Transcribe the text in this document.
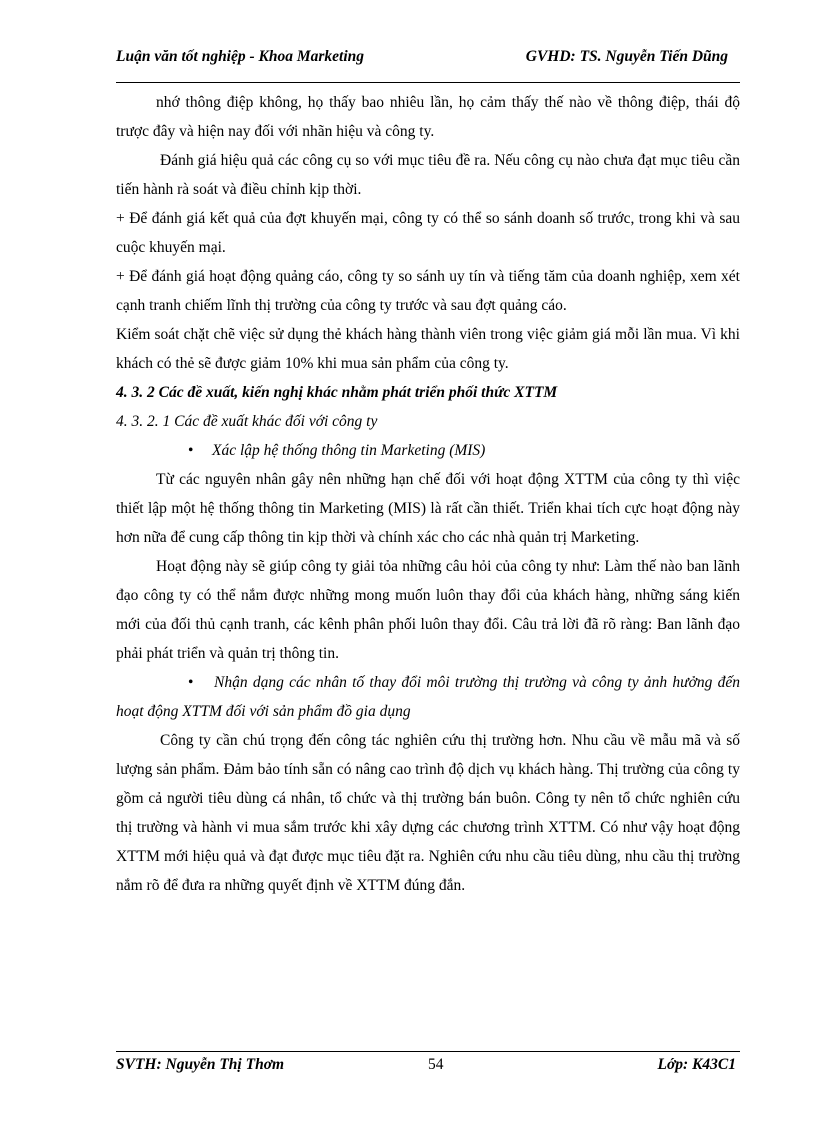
Luận văn tốt nghiệp - Khoa Marketing	GVHD: TS. Nguyễn Tiến Dũng

nhớ thông điệp không, họ thấy bao nhiêu lần, họ cảm thấy thế nào về thông điệp, thái độ trược đây và hiện nay đối với nhãn hiệu và công ty.

Đánh giá hiệu quả các công cụ so với mục tiêu đề ra. Nếu công cụ nào chưa đạt mục tiêu cần tiến hành rà soát và điều chỉnh kịp thời.

+ Để đánh giá kết quả của đợt khuyến mại, công ty có thể so sánh doanh số trước, trong khi và sau cuộc khuyến mại.

+ Để đánh giá hoạt động quảng cáo, công ty so sánh uy tín và tiếng tăm của doanh nghiệp, xem xét cạnh tranh chiếm lĩnh thị trường của công ty trước và sau đợt quảng cáo.

Kiểm soát chặt chẽ việc sử dụng thẻ khách hàng thành viên trong việc giảm giá mỗi lần mua. Vì khi khách có thẻ sẽ được giảm 10% khi mua sản phẩm của công ty.

4. 3. 2 Các đề xuất, kiến nghị khác nhằm phát triển phối thức XTTM

4. 3. 2. 1 Các đề xuất khác đối với công ty

• Xác lập hệ thống thông tin Marketing (MIS)

Từ các nguyên nhân gây nên những hạn chế đối với hoạt động XTTM của công ty thì việc thiết lập một hệ thống thông tin Marketing (MIS) là rất cần thiết. Triển khai tích cực hoạt động này hơn nữa để cung cấp thông tin kịp thời và chính xác cho các nhà quản trị Marketing.

Hoạt động này sẽ giúp công ty giải tỏa những câu hỏi của công ty như: Làm thế nào ban lãnh đạo công ty có thể nắm được những mong muốn luôn thay đổi của khách hàng, những sáng kiến mới của đối thủ cạnh tranh, các kênh phân phối luôn thay đổi. Câu trả lời đã rõ ràng: Ban lãnh đạo phải phát triển và quản trị thông tin.

• Nhận dạng các nhân tố thay đổi môi trường thị trường và công ty ảnh hưởng đến hoạt động XTTM đối với sản phẩm đồ gia dụng

Công ty cần chú trọng đến công tác nghiên cứu thị trường hơn. Nhu cầu về mẫu mã và số lượng sản phẩm. Đảm bảo tính sẵn có nâng cao trình độ dịch vụ khách hàng. Thị trường của công ty gồm cả người tiêu dùng cá nhân, tổ chức và thị trường bán buôn. Công ty nên tổ chức nghiên cứu thị trường và hành vi mua sắm trước khi xây dựng các chương trình XTTM. Có như vậy hoạt động XTTM mới hiệu quả và đạt được mục tiêu đặt ra. Nghiên cứu nhu cầu tiêu dùng, nhu cầu thị trường nắm rõ để đưa ra những quyết định về XTTM đúng đắn.

SVTH: Nguyễn Thị Thơm	54	Lớp: K43C1
